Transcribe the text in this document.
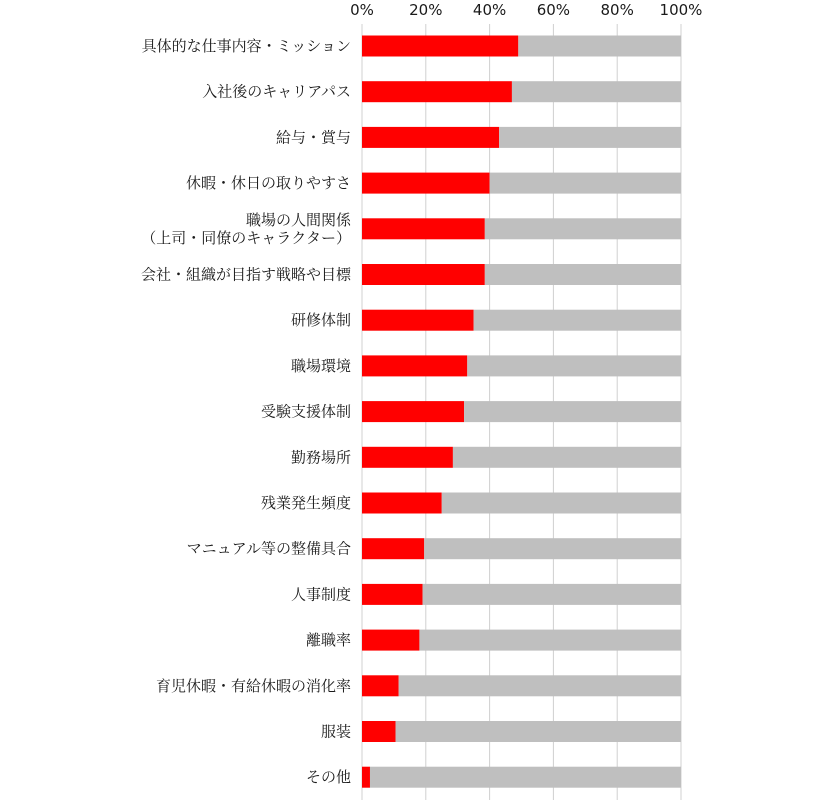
0% 20% 40% 60% 80% 100%
具体的な仕事内容・ミッション
入社後のキャリアパス
給与・賞与
休暇・休日の取りやすさ
職場の人間関係
（上司・同僚のキャラクター）
会社・組織が目指す戦略や目標
研修体制
職場環境
受験支援体制
勤務場所
残業発生頻度
マニュアル等の整備具合
人事制度
離職率
育児休暇・有給休暇の消化率
服装
その他
